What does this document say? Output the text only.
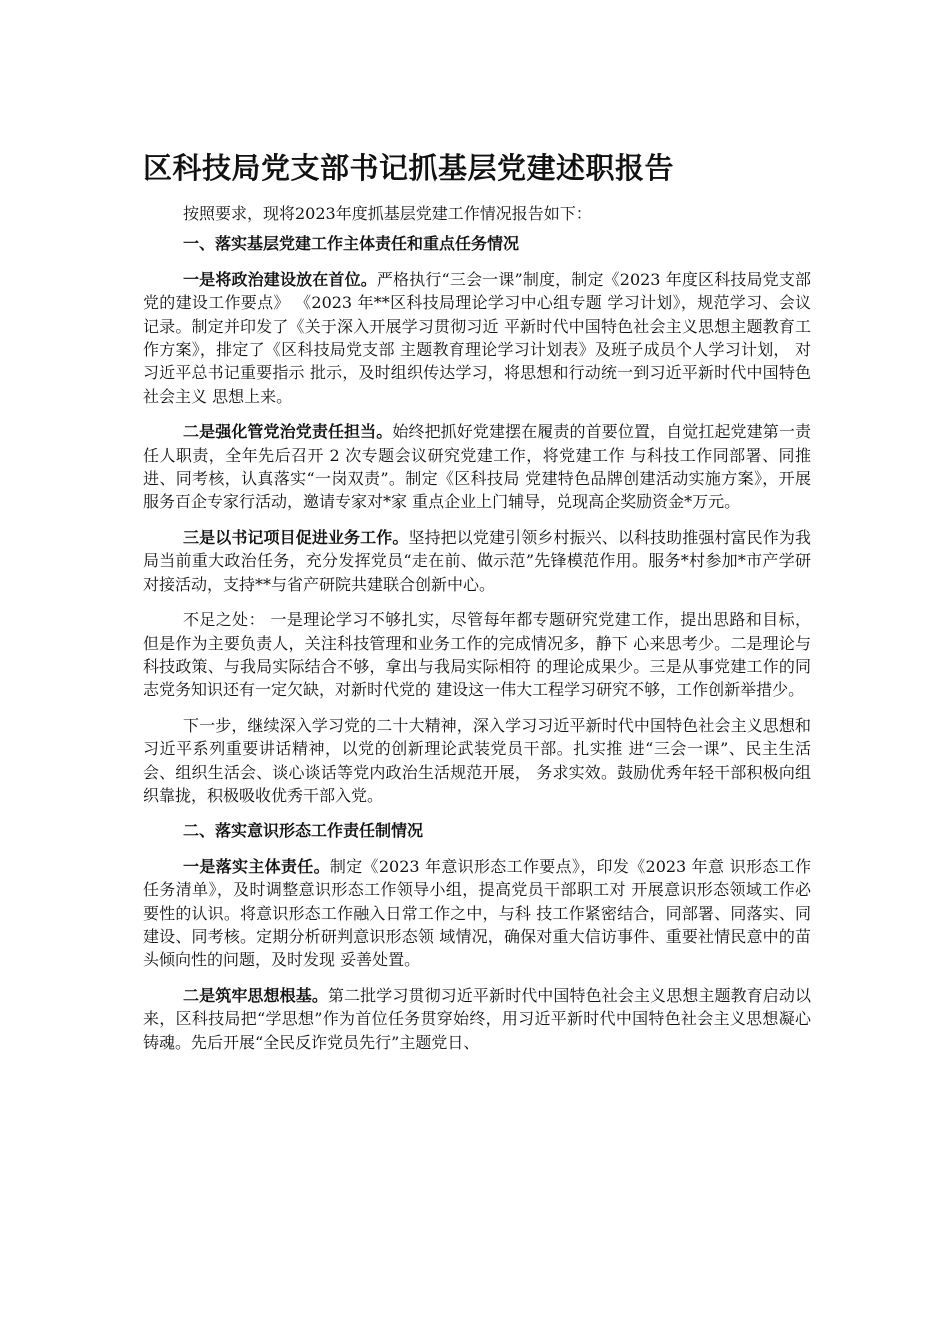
区科技局党支部书记抓基层党建述职报告

按照要求，现将2023年度抓基层党建工作情况报告如下：

一、落实基层党建工作主体责任和重点任务情况

一是将政治建设放在首位。严格执行“三会一课”制度，制定《2023 年度区科技局党支部党的建设工作要点》 《2023 年**区科技局理论学习中心组专题 学习计划》，规范学习、会议记录。制定并印发了《关于深入开展学习贯彻习近 平新时代中国特色社会主义思想主题教育工作方案》，排定了《区科技局党支部 主题教育理论学习计划表》及班子成员个人学习计划， 对习近平总书记重要指示 批示，及时组织传达学习，将思想和行动统一到习近平新时代中国特色社会主义 思想上来。

二是强化管党治党责任担当。始终把抓好党建摆在履责的首要位置，自觉扛起党建第一责任人职责，全年先后召开 2 次专题会议研究党建工作，将党建工作 与科技工作同部署、同推进、同考核，认真落实“一岗双责”。制定《区科技局 党建特色品牌创建活动实施方案》，开展服务百企专家行活动，邀请专家对*家 重点企业上门辅导，兑现高企奖励资金*万元。

三是以书记项目促进业务工作。坚持把以党建引领乡村振兴、以科技助推强村富民作为我局当前重大政治任务，充分发挥党员“走在前、做示范”先锋模范作用。服务*村参加*市产学研对接活动，支持**与省产研院共建联合创新中心。

不足之处： 一是理论学习不够扎实，尽管每年都专题研究党建工作，提出思路和目标，但是作为主要负责人，关注科技管理和业务工作的完成情况多，静下 心来思考少。二是理论与科技政策、与我局实际结合不够，拿出与我局实际相符 的理论成果少。三是从事党建工作的同志党务知识还有一定欠缺，对新时代党的 建设这一伟大工程学习研究不够，工作创新举措少。

下一步，继续深入学习党的二十大精神，深入学习习近平新时代中国特色社会主义思想和习近平系列重要讲话精神，以党的创新理论武装党员干部。扎实推 进“三会一课”、民主生活会、组织生活会、谈心谈话等党内政治生活规范开展， 务求实效。鼓励优秀年轻干部积极向组织靠拢，积极吸收优秀干部入党。

二、落实意识形态工作责任制情况

一是落实主体责任。制定《2023 年意识形态工作要点》，印发《2023 年意 识形态工作任务清单》，及时调整意识形态工作领导小组，提高党员干部职工对 开展意识形态领域工作必要性的认识。将意识形态工作融入日常工作之中，与科 技工作紧密结合，同部署、同落实、同建设、同考核。定期分析研判意识形态领 域情况，确保对重大信访事件、重要社情民意中的苗头倾向性的问题，及时发现 妥善处置。

二是筑牢思想根基。第二批学习贯彻习近平新时代中国特色社会主义思想主题教育启动以来，区科技局把“学思想”作为首位任务贯穿始终，用习近平新时代中国特色社会主义思想凝心铸魂。先后开展“全民反诈党员先行”主题党日、
